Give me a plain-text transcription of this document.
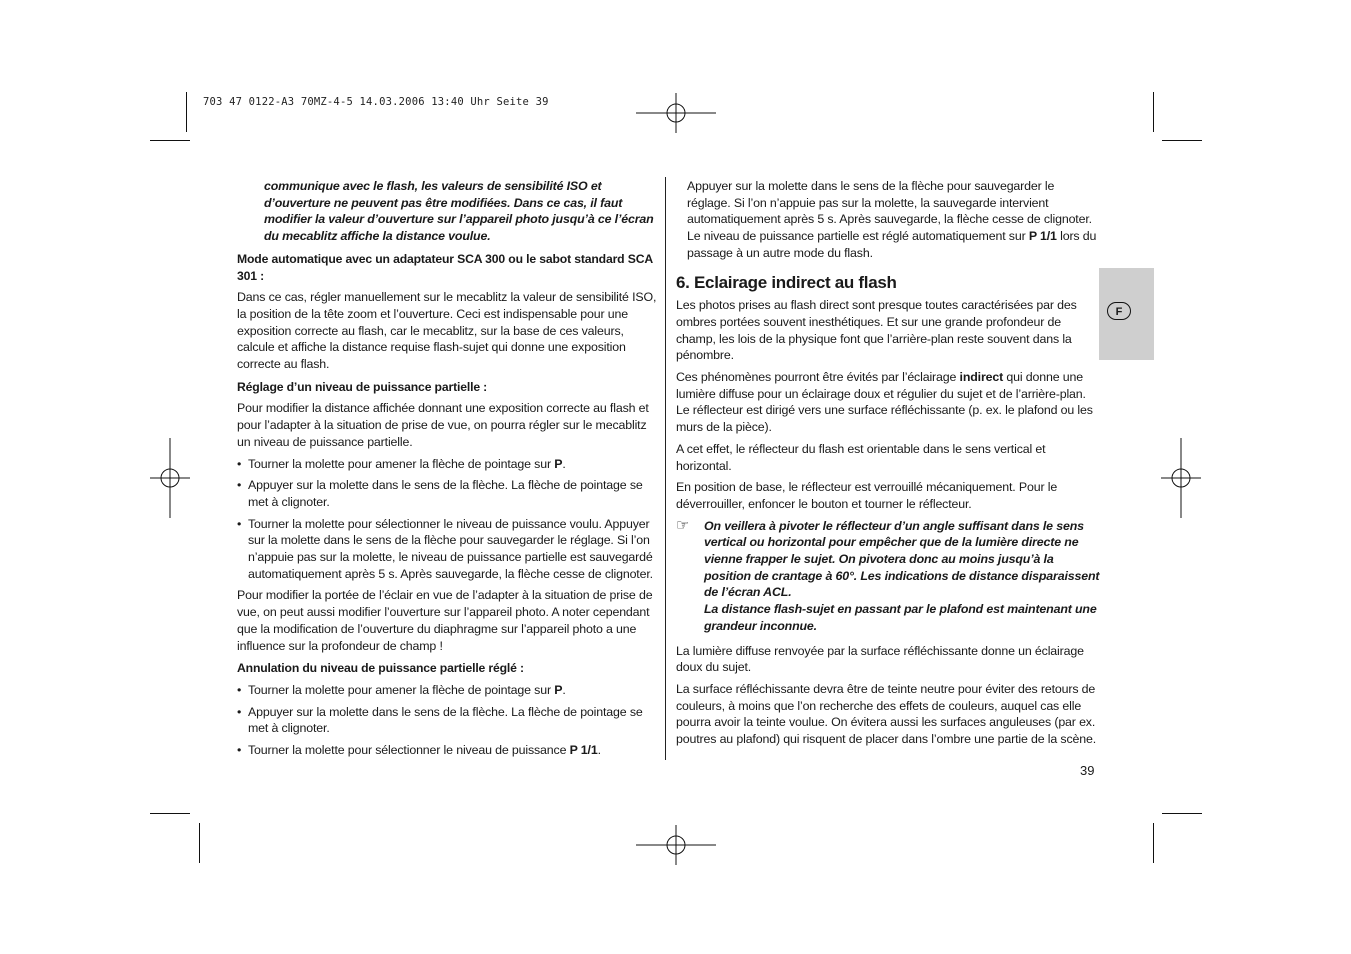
703 47 0122-A3 70MZ-4-5 14.03.2006 13:40 Uhr Seite 39

communique avec le flash, les valeurs de sensibilité ISO et d’ouverture ne peuvent pas être modifiées. Dans ce cas, il faut modifier la valeur d’ouverture sur l’appareil photo jusqu’à ce l’écran du mecablitz affiche la distance voulue.

Mode automatique avec un adaptateur SCA 300 ou le sabot standard SCA 301 :

Dans ce cas, régler manuellement sur le mecablitz la valeur de sensibilité ISO, la position de la tête zoom et l’ouverture. Ceci est indispensable pour une exposition correcte au flash, car le mecablitz, sur la base de ces valeurs, calcule et affiche la distance requise flash-sujet qui donne une exposition correcte au flash.

Réglage d’un niveau de puissance partielle :

Pour modifier la distance affichée donnant une exposition correcte au flash et pour l’adapter à la situation de prise de vue, on pourra régler sur le mecablitz un niveau de puissance partielle.

• Tourner la molette pour amener la flèche de pointage sur P.
• Appuyer sur la molette dans le sens de la flèche. La flèche de pointage se met à clignoter.
• Tourner la molette pour sélectionner le niveau de puissance voulu. Appuyer sur la molette dans le sens de la flèche pour sauvegarder le réglage. Si l’on n’appuie pas sur la molette, le niveau de puissance partielle est sauvegardé automatiquement après 5 s. Après sauvegarde, la flèche cesse de clignoter.

Pour modifier la portée de l’éclair en vue de l’adapter à la situation de prise de vue, on peut aussi modifier l’ouverture sur l’appareil photo. A noter cependant que la modification de l’ouverture du diaphragme sur l’appareil photo a une influence sur la profondeur de champ !

Annulation du niveau de puissance partielle réglé :

• Tourner la molette pour amener la flèche de pointage sur P.
• Appuyer sur la molette dans le sens de la flèche. La flèche de pointage se met à clignoter.
• Tourner la molette pour sélectionner le niveau de puissance P 1/1.

Appuyer sur la molette dans le sens de la flèche pour sauvegarder le réglage. Si l’on n’appuie pas sur la molette, la sauvegarde intervient automatiquement après 5 s. Après sauvegarde, la flèche cesse de clignoter. Le niveau de puissance partielle est réglé automatiquement sur P 1/1 lors du passage à un autre mode du flash.

6. Eclairage indirect au flash

Les photos prises au flash direct sont presque toutes caractérisées par des ombres portées souvent inesthétiques. Et sur une grande profondeur de champ, les lois de la physique font que l’arrière-plan reste souvent dans la pénombre.

Ces phénomènes pourront être évités par l’éclairage indirect qui donne une lumière diffuse pour un éclairage doux et régulier du sujet et de l’arrière-plan. Le réflecteur est dirigé vers une surface réfléchissante (p. ex. le plafond ou les murs de la pièce).

A cet effet, le réflecteur du flash est orientable dans le sens vertical et horizontal.

En position de base, le réflecteur est verrouillé mécaniquement. Pour le déverrouiller, enfoncer le bouton et tourner le réflecteur.

☞	On veillera à pivoter le réflecteur d’un angle suffisant dans le sens vertical ou horizontal pour empêcher que de la lumière directe ne vienne frapper le sujet. On pivotera donc au moins jusqu’à la position de crantage à 60°. Les indications de distance disparaissent de l’écran ACL.
La distance flash-sujet en passant par le plafond est maintenant une grandeur inconnue.

La lumière diffuse renvoyée par la surface réfléchissante donne un éclairage doux du sujet.

La surface réfléchissante devra être de teinte neutre pour éviter des retours de couleurs, à moins que l’on recherche des effets de couleurs, auquel cas elle pourra avoir la teinte voulue. On évitera aussi les surfaces anguleuses (par ex. poutres au plafond) qui risquent de placer dans l’ombre une partie de la scène.

F
39
